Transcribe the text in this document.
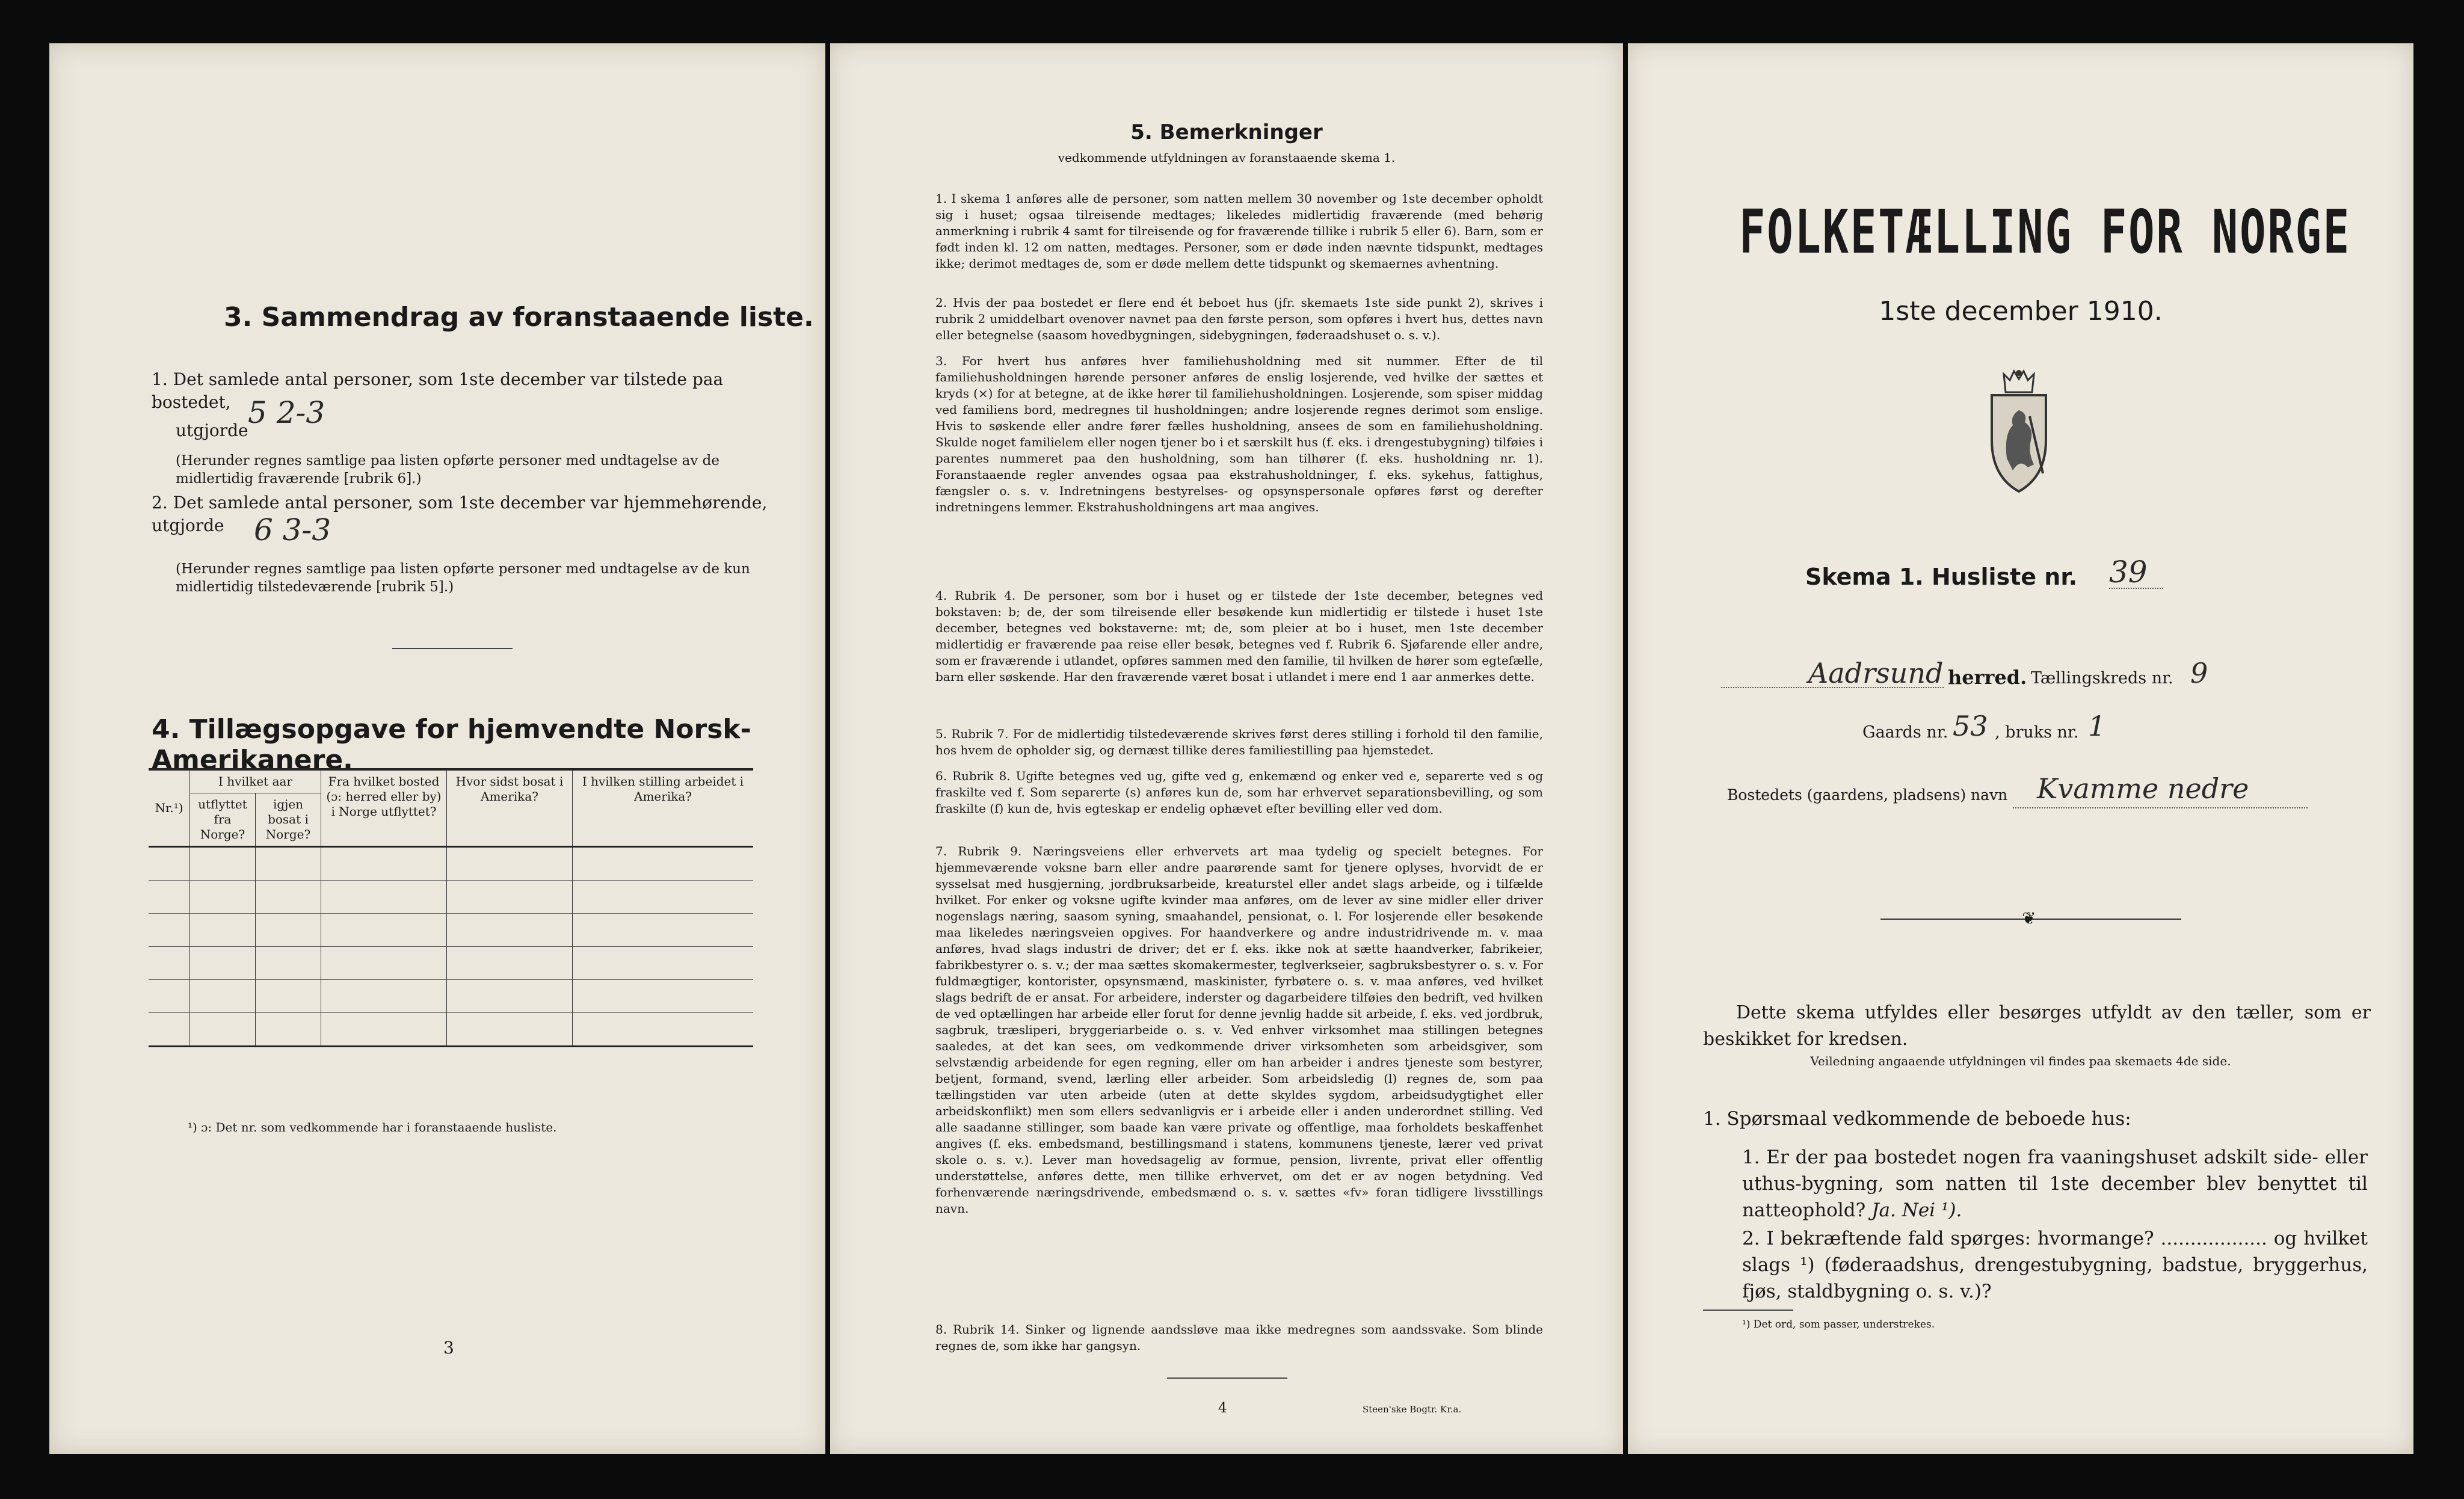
3. Sammendrag av foranstaaende liste.
1. Det samlede antal personer, som 1ste december var tilstede paa bostedet,
utgjorde
5 2-3
(Herunder regnes samtlige paa listen opførte personer med undtagelse av de midlertidig fraværende [rubrik 6].)
2. Det samlede antal personer, som 1ste december var hjemmehørende, utgjorde 6 3-3
(Herunder regnes samtlige paa listen opførte personer med undtagelse av de kun midlertidig tilstedeværende [rubrik 5].)
4. Tillægsopgave for hjemvendte Norsk-Amerikanere.
Nr.¹)	I hvilket aar		Fra hvilket bosted (ɔ: herred eller by) i Norge utflyttet?	Hvor sidst bosat i Amerika?	I hvilken stilling arbeidet i Amerika?
	utflyttet fra Norge?	igjen bosat i Norge?			

¹) ɔ: Det nr. som vedkommende har i foranstaaende husliste.
3
5. Bemerkninger
vedkommende utfyldningen av foranstaaende skema 1.
1. I skema 1 anføres alle de personer, som natten mellem 30 november og 1ste december opholdt sig i huset; ogsaa tilreisende medtages; likeledes midlertidig fraværende (med behørig anmerkning i rubrik 4 samt for tilreisende og for fraværende tillike i rubrik 5 eller 6). Barn, som er født inden kl. 12 om natten, medtages. Personer, som er døde inden nævnte tidspunkt, medtages ikke; derimot medtages de, som er døde mellem dette tidspunkt og skemaernes avhentning.
2. Hvis der paa bostedet er flere end ét beboet hus (jfr. skemaets 1ste side punkt 2), skrives i rubrik 2 umiddelbart ovenover navnet paa den første person, som opføres i hvert hus, dettes navn eller betegnelse (saasom hovedbygningen, sidebygningen, føderaadshuset o. s. v.).
3. For hvert hus anføres hver familiehusholdning med sit nummer. Efter de til familiehusholdningen hørende personer anføres de enslig losjerende, ved hvilke der sættes et kryds (×) for at betegne, at de ikke hører til familiehusholdningen. Losjerende, som spiser middag ved familiens bord, medregnes til husholdningen; andre losjerende regnes derimot som enslige. Hvis to søskende eller andre fører fælles husholdning, ansees de som en familiehusholdning. Skulde noget familielem eller nogen tjener bo i et særskilt hus (f. eks. i drengestubygning) tilføies i parentes nummeret paa den husholdning, som han tilhører (f. eks. husholdning nr. 1). Foranstaaende regler anvendes ogsaa paa ekstrahusholdninger, f. eks. sykehus, fattighus, fængsler o. s. v. Indretningens bestyrelses- og opsynspersonale opføres først og derefter indretningens lemmer. Ekstrahusholdningens art maa angives.
4. Rubrik 4. De personer, som bor i huset og er tilstede der 1ste december, betegnes ved bokstaven: b; de, der som tilreisende eller besøkende kun midlertidig er tilstede i huset 1ste december, betegnes ved bokstaverne: mt; de, som pleier at bo i huset, men 1ste december midlertidig er fraværende paa reise eller besøk, betegnes ved f. Rubrik 6. Sjøfarende eller andre, som er fraværende i utlandet, opføres sammen med den familie, til hvilken de hører som egtefælle, barn eller søskende. Har den fraværende været bosat i utlandet i mere end 1 aar anmerkes dette.
5. Rubrik 7. For de midlertidig tilstedeværende skrives først deres stilling i forhold til den familie, hos hvem de opholder sig, og dernæst tillike deres familiestilling paa hjemstedet.
6. Rubrik 8. Ugifte betegnes ved ug, gifte ved g, enkemænd og enker ved e, separerte ved s og fraskilte ved f. Som separerte (s) anføres kun de, som har erhvervet separationsbevilling, og som fraskilte (f) kun de, hvis egteskap er endelig ophævet efter bevilling eller ved dom.
7. Rubrik 9. Næringsveiens eller erhvervets art maa tydelig og specielt betegnes. For hjemmeværende voksne barn eller andre paarørende samt for tjenere oplyses, hvorvidt de er sysselsat med husgjerning, jordbruksarbeide, kreaturstel eller andet slags arbeide, og i tilfælde hvilket. For enker og voksne ugifte kvinder maa anføres, om de lever av sine midler eller driver nogenslags næring, saasom syning, smaahandel, pensionat, o. l. For losjerende eller besøkende maa likeledes næringsveien opgives. For haandverkere og andre industridrivende m. v. maa anføres, hvad slags industri de driver; det er f. eks. ikke nok at sætte haandverker, fabrikeier, fabrikbestyrer o. s. v.; der maa sættes skomakermester, teglverkseier, sagbruksbestyrer o. s. v. For fuldmægtiger, kontorister, opsynsmænd, maskinister, fyrbøtere o. s. v. maa anføres, ved hvilket slags bedrift de er ansat. For arbeidere, inderster og dagarbeidere tilføies den bedrift, ved hvilken de ved optællingen har arbeide eller forut for denne jevnlig hadde sit arbeide, f. eks. ved jordbruk, sagbruk, træsliperi, bryggeriarbeide o. s. v. Ved enhver virksomhet maa stillingen betegnes saaledes, at det kan sees, om vedkommende driver virksomheten som arbeidsgiver, som selvstændig arbeidende for egen regning, eller om han arbeider i andres tjeneste som bestyrer, betjent, formand, svend, lærling eller arbeider. Som arbeidsledig (l) regnes de, som paa tællingstiden var uten arbeide (uten at dette skyldes sygdom, arbeidsudygtighet eller arbeidskonflikt) men som ellers sedvanligvis er i arbeide eller i anden underordnet stilling. Ved alle saadanne stillinger, som baade kan være private og offentlige, maa forholdets beskaffenhet angives (f. eks. embedsmand, bestillingsmand i statens, kommunens tjeneste, lærer ved privat skole o. s. v.). Lever man hovedsagelig av formue, pension, livrente, privat eller offentlig understøttelse, anføres dette, men tillike erhvervet, om det er av nogen betydning. Ved forhenværende næringsdrivende, embedsmænd o. s. v. sættes «fv» foran tidligere livsstillings navn.
8. Rubrik 14. Sinker og lignende aandssløve maa ikke medregnes som aandssvake. Som blinde regnes de, som ikke har gangsyn.
4	Steen'ske Bogtr. Kr.a.
FOLKETÆLLING FOR NORGE
1ste december 1910.
Skema 1. Husliste nr. 39
Aadrsund herred. Tællingskreds nr. 9
Gaards nr. 53 , bruks nr. 1
Bostedets (gaardens, pladsens) navn Kvamme nedre
❦
Dette skema utfyldes eller besørges utfyldt av den tæller, som er beskikket for kredsen.
Veiledning angaaende utfyldningen vil findes paa skemaets 4de side.
1. Spørsmaal vedkommende de beboede hus:
1. Er der paa bostedet nogen fra vaaningshuset adskilt side- eller uthus-bygning, som natten til 1ste december blev benyttet til natteophold? Ja. Nei ¹).
2. I bekræftende fald spørges: hvormange? .................. og hvilket slags ¹) (føderaadshus, drengestubygning, badstue, bryggerhus, fjøs, staldbygning o. s. v.)?
¹) Det ord, som passer, understrekes.
